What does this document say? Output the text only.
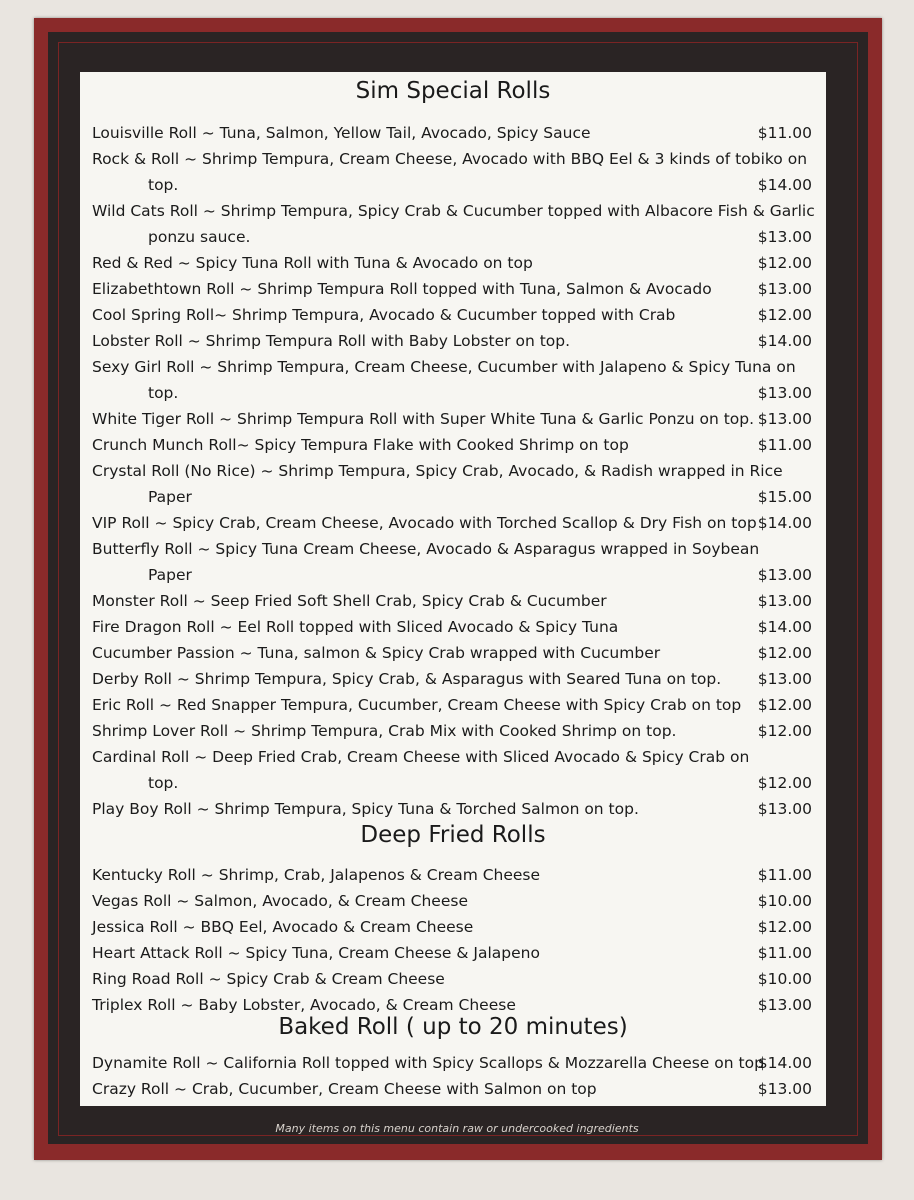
Sim Special Rolls
Louisville Roll ~ Tuna, Salmon, Yellow Tail, Avocado, Spicy Sauce	$11.00
Rock & Roll ~ Shrimp Tempura, Cream Cheese, Avocado with BBQ Eel & 3 kinds of tobiko on
top.	$14.00
Wild Cats Roll ~ Shrimp Tempura, Spicy Crab & Cucumber topped with Albacore Fish & Garlic
ponzu sauce.	$13.00
Red & Red ~ Spicy Tuna Roll with Tuna & Avocado on top	$12.00
Elizabethtown Roll ~ Shrimp Tempura Roll topped with Tuna, Salmon & Avocado	$13.00
Cool Spring Roll~ Shrimp Tempura, Avocado & Cucumber topped with Crab	$12.00
Lobster Roll ~ Shrimp Tempura Roll with Baby Lobster on top.	$14.00
Sexy Girl Roll ~ Shrimp Tempura, Cream Cheese, Cucumber with Jalapeno & Spicy Tuna on
top.	$13.00
White Tiger Roll ~ Shrimp Tempura Roll with Super White Tuna & Garlic Ponzu on top. $13.00
Crunch Munch Roll~ Spicy Tempura Flake with Cooked Shrimp on top	$11.00
Crystal Roll (No Rice) ~ Shrimp Tempura, Spicy Crab, Avocado, & Radish wrapped in Rice
Paper	$15.00
VIP Roll ~ Spicy Crab, Cream Cheese, Avocado with Torched Scallop & Dry Fish on top $14.00
Butterfly Roll ~ Spicy Tuna Cream Cheese, Avocado & Asparagus wrapped in Soybean
Paper	$13.00
Monster Roll ~ Seep Fried Soft Shell Crab, Spicy Crab & Cucumber	$13.00
Fire Dragon Roll ~ Eel Roll topped with Sliced Avocado & Spicy Tuna	$14.00
Cucumber Passion ~ Tuna, salmon & Spicy Crab wrapped with Cucumber	$12.00
Derby Roll ~ Shrimp Tempura, Spicy Crab, & Asparagus with Seared Tuna on top. $13.00
Eric Roll ~ Red Snapper Tempura, Cucumber, Cream Cheese with Spicy Crab on top $12.00
Shrimp Lover Roll ~ Shrimp Tempura, Crab Mix with Cooked Shrimp on top.	$12.00
Cardinal Roll ~ Deep Fried Crab, Cream Cheese with Sliced Avocado & Spicy Crab on
top.	$12.00
Play Boy Roll ~ Shrimp Tempura, Spicy Tuna & Torched Salmon on top.	$13.00
Deep Fried Rolls
Kentucky Roll ~ Shrimp, Crab, Jalapenos & Cream Cheese	$11.00
Vegas Roll ~ Salmon, Avocado, & Cream Cheese	$10.00
Jessica Roll ~ BBQ Eel, Avocado & Cream Cheese	$12.00
Heart Attack Roll ~ Spicy Tuna, Cream Cheese & Jalapeno	$11.00
Ring Road Roll ~ Spicy Crab & Cream Cheese	$10.00
Triplex Roll ~ Baby Lobster, Avocado, & Cream Cheese	$13.00
Baked Roll ( up to 20 minutes)
Dynamite Roll ~ California Roll topped with Spicy Scallops & Mozzarella Cheese on top
$14.00
Crazy Roll ~ Crab, Cucumber, Cream Cheese with Salmon on top	$13.00
Many items on this menu contain raw or undercooked ingredients
